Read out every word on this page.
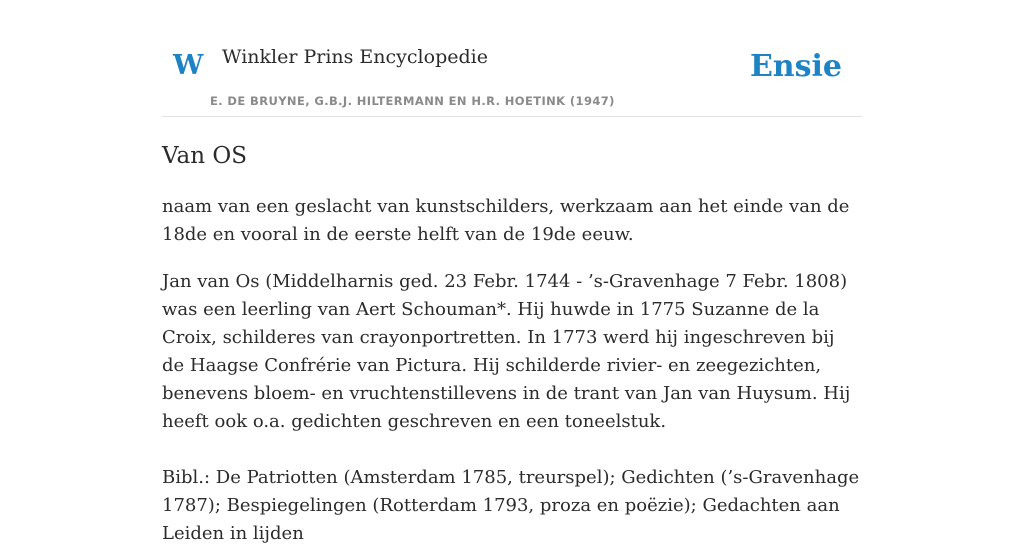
W Winkler Prins Encyclopedie
E. DE BRUYNE, G.B.J. HILTERMANN EN H.R. HOETINK (1947)
Ensie
Van OS

naam van een geslacht van kunstschilders, werkzaam aan het einde van de 18de en vooral in de eerste helft van de 19de eeuw.

Jan van Os (Middelharnis ged. 23 Febr. 1744 - ’s-Gravenhage 7 Febr. 1808) was een leerling van Aert Schouman*. Hij huwde in 1775 Suzanne de la Croix, schilderes van crayonportretten. In 1773 werd hij ingeschreven bij de Haagse Confrérie van Pictura. Hij schilderde rivier- en zeegezichten, benevens bloem- en vruchtenstillevens in de trant van Jan van Huysum. Hij heeft ook o.a. gedichten geschreven en een toneelstuk.

Bibl.: De Patriotten (Amsterdam 1785, treurspel); Gedichten (’s-Gravenhage 1787); Bespiegelingen (Rotterdam 1793, proza en poëzie); Gedachten aan Leiden in lijden
